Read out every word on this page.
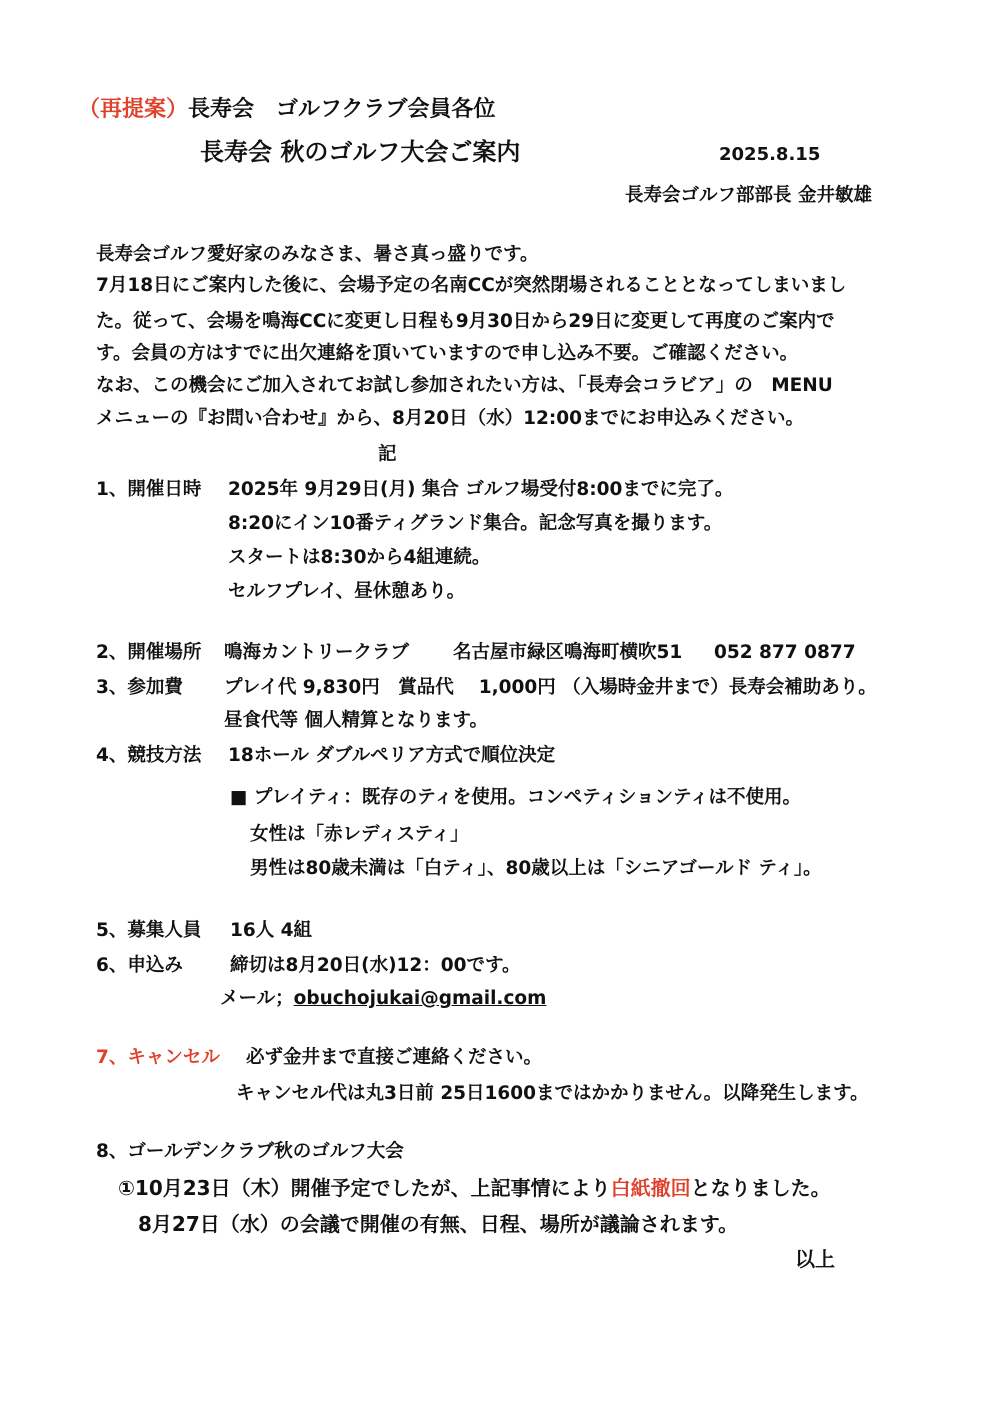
（再提案）長寿会　ゴルフクラブ会員各位
長寿会 秋のゴルフ大会ご案内	2025.8.15
長寿会ゴルフ部部長 金井敏雄
長寿会ゴルフ愛好家のみなさま、暑さ真っ盛りです。
7月18日にご案内した後に、会場予定の名南CCが突然閉場されることとなってしまいまし
た。従って、会場を鳴海CCに変更し日程も9月30日から29日に変更して再度のご案内で
す。会員の方はすでに出欠連絡を頂いていますので申し込み不要。ご確認ください。
なお、この機会にご加入されてお試し参加されたい方は、「長寿会コラビア」の　MENU
メニューの『お問い合わせ』から、8月20日（水）12:00までにお申込みください。
記
1、開催日時 2025年 9月29日(月) 集合 ゴルフ場受付8:00までに完了。
8:20にイン10番ティグランド集合。記念写真を撮ります。
スタートは8:30から4組連続。
セルフプレイ、昼休憩あり。
2、開催場所 鳴海カントリークラブ 名古屋市緑区鳴海町横吹51 052 877 0877
3、参加費 プレイ代 9,830円　賞品代　 1,000円 （入場時金井まで）長寿会補助あり。
昼食代等 個人精算となります。
4、競技方法 18ホール ダブルペリア方式で順位決定
■ プレイティ：既存のティを使用。コンペティションティは不使用。
女性は「赤レディスティ」
男性は80歳未満は「白ティ」、80歳以上は「シニアゴールド ティ」。
5、募集人員 16人 4組
6、申込み	締切は8月20日(水)12：00です。
メール；obuchojukai@gmail.com
7、キャンセル 必ず金井まで直接ご連絡ください。
キャンセル代は丸3日前 25日1600まではかかりません。以降発生します。
8、ゴールデンクラブ秋のゴルフ大会
①10月23日（木）開催予定でしたが、上記事情により白紙撤回となりました。
8月27日（水）の会議で開催の有無、日程、場所が議論されます。
以上
